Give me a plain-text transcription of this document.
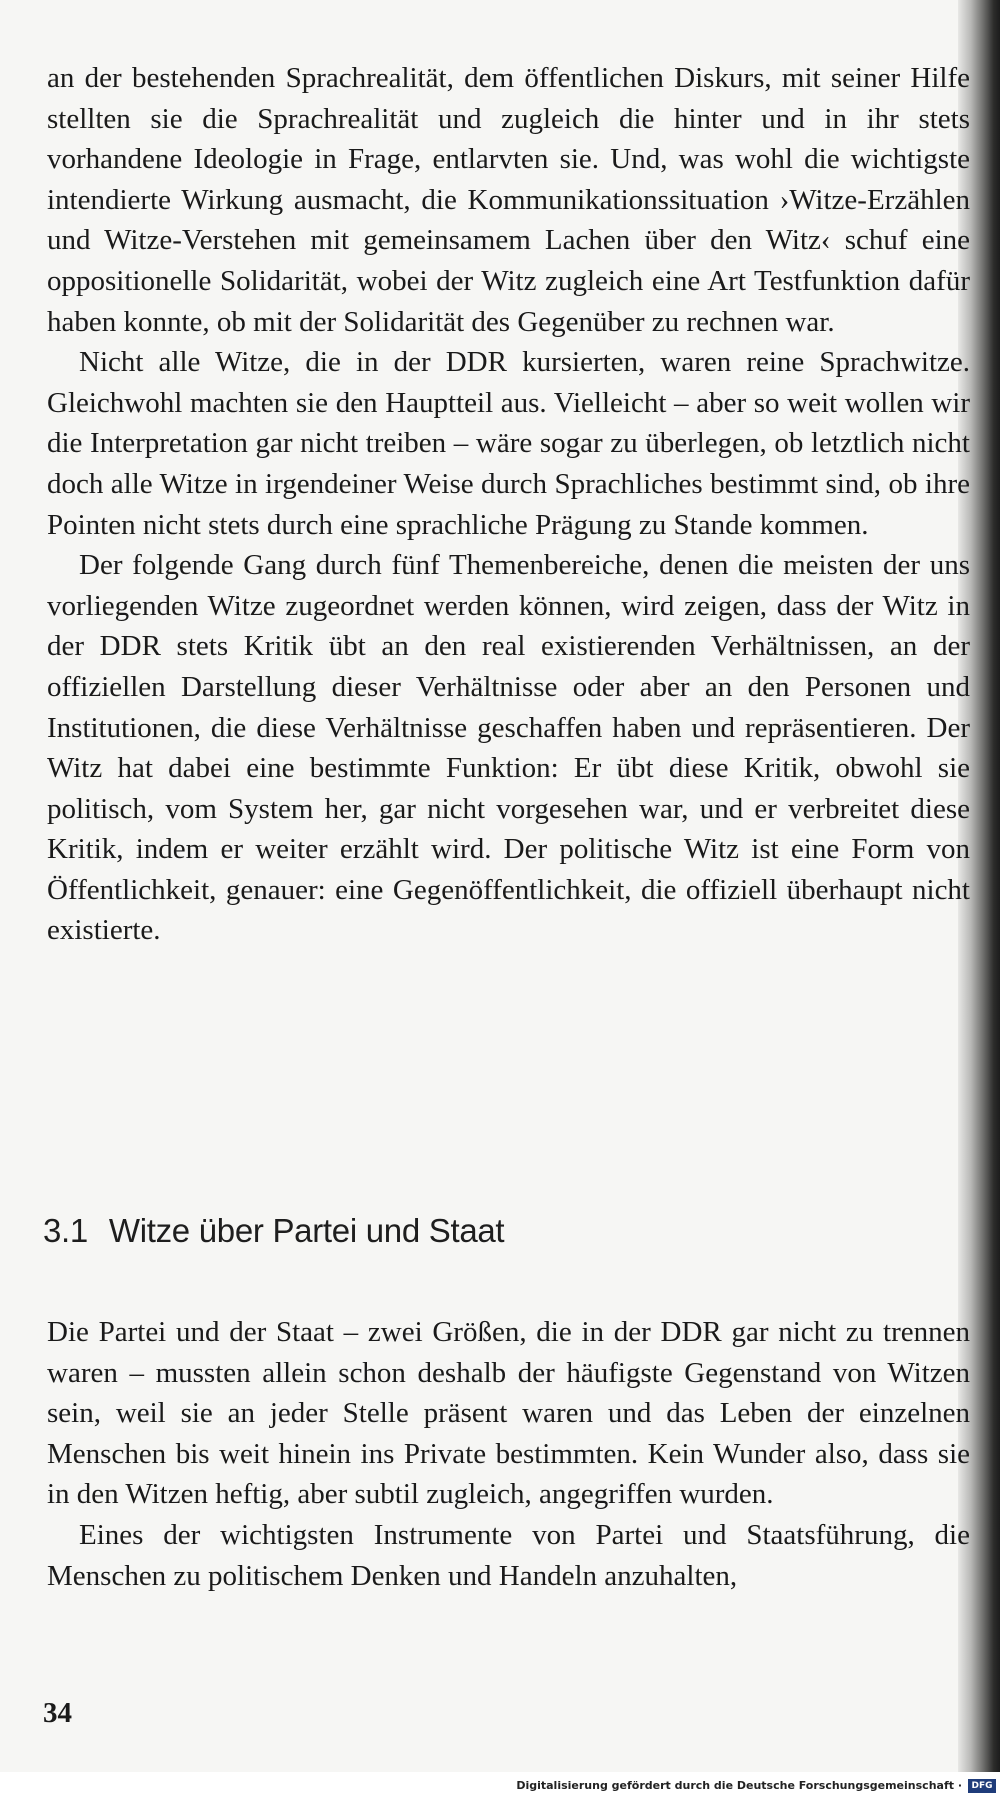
an der bestehenden Sprachrealität, dem öffentlichen Diskurs, mit seiner Hilfe stellten sie die Sprachrealität und zugleich die hinter und in ihr stets vorhandene Ideologie in Frage, entlarvten sie. Und, was wohl die wichtigste intendierte Wirkung ausmacht, die Kommunikationssituation ›Witze-Erzählen und Witze-Verstehen mit gemeinsamem Lachen über den Witz‹ schuf eine oppositionelle Solidarität, wobei der Witz zugleich eine Art Testfunktion dafür haben konnte, ob mit der Solidarität des Gegenüber zu rechnen war.

Nicht alle Witze, die in der DDR kursierten, waren reine Sprachwitze. Gleichwohl machten sie den Hauptteil aus. Vielleicht – aber so weit wollen wir die Interpretation gar nicht treiben – wäre sogar zu überlegen, ob letztlich nicht doch alle Witze in irgendeiner Weise durch Sprachliches bestimmt sind, ob ihre Pointen nicht stets durch eine sprachliche Prägung zu Stande kommen.

Der folgende Gang durch fünf Themenbereiche, denen die meisten der uns vorliegenden Witze zugeordnet werden können, wird zeigen, dass der Witz in der DDR stets Kritik übt an den real existierenden Verhältnissen, an der offiziellen Darstellung dieser Verhältnisse oder aber an den Personen und Institutionen, die diese Verhältnisse geschaffen haben und repräsentieren. Der Witz hat dabei eine bestimmte Funktion: Er übt diese Kritik, obwohl sie politisch, vom System her, gar nicht vorgesehen war, und er verbreitet diese Kritik, indem er weiter erzählt wird. Der politische Witz ist eine Form von Öffentlichkeit, genauer: eine Gegenöffentlichkeit, die offiziell überhaupt nicht existierte.

3.1 Witze über Partei und Staat

Die Partei und der Staat – zwei Größen, die in der DDR gar nicht zu trennen waren – mussten allein schon deshalb der häufigste Gegenstand von Witzen sein, weil sie an jeder Stelle präsent waren und das Leben der einzelnen Menschen bis weit hinein ins Private bestimmten. Kein Wunder also, dass sie in den Witzen heftig, aber subtil zugleich, angegriffen wurden.

Eines der wichtigsten Instrumente von Partei und Staatsführung, die Menschen zu politischem Denken und Handeln anzuhalten,

34
Digitalisierung gefördert durch die Deutsche Forschungsgemeinschaft ·	DFG
